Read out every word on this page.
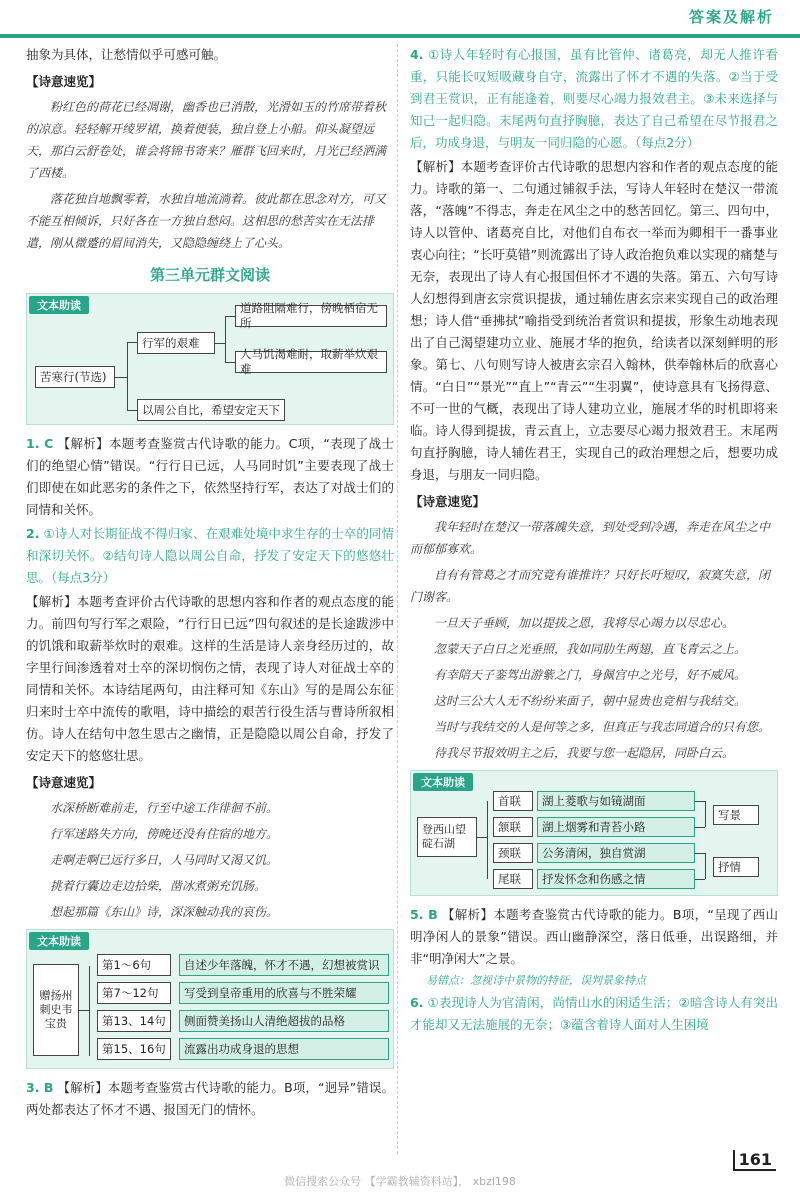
答案及解析

抽象为具体，让愁情似乎可感可触。

【诗意速览】

粉红色的荷花已经凋谢，幽香也已消散，光滑如玉的竹席带着秋的凉意。轻轻解开绫罗裙，换着便装，独自登上小船。仰头凝望远天，那白云舒卷处，谁会将锦书寄来？雁群飞回来时，月光已经洒满了西楼。

落花独自地飘零着，水独自地流淌着。彼此都在思念对方，可又不能互相倾诉，只好各在一方独自愁闷。这相思的愁苦实在无法排遣，刚从微蹙的眉间消失，又隐隐缠绕上了心头。

第三单元群文阅读
文本助读
苦寒行(节选)
行军的艰难
道路阻隔难行，傍晚栖宿无所
人马饥渴难耐，取薪举炊艰难
以周公自比，希望安定天下

1. C 【解析】本题考查鉴赏古代诗歌的能力。C项，“表现了战士们的绝望心情”错误。“行行日已远，人马同时饥”主要表现了战士们即使在如此恶劣的条件之下，依然坚持行军，表达了对战士们的同情和关怀。

2. ①诗人对长期征战不得归家、在艰难处境中求生存的士卒的同情和深切关怀。②结句诗人隐以周公自命，抒发了安定天下的悠悠壮思。（每点3分）

【解析】本题考查评价古代诗歌的思想内容和作者的观点态度的能力。前四句写行军之艰险，“行行日已远”四句叙述的是长途跋涉中的饥饿和取薪举炊时的艰难。这样的生活是诗人亲身经历过的，故字里行间渗透着对士卒的深切悯伤之情，表现了诗人对征战士卒的同情和关怀。本诗结尾两句，由注释可知《东山》写的是周公东征归来时士卒中流传的歌唱，诗中描绘的艰苦行役生活与曹诗所叙相仿。诗人在结句中忽生思古之幽情，正是隐隐以周公自命，抒发了安定天下的悠悠壮思。

【诗意速览】

水深桥断难前走，行至中途工作徘徊不前。

行军迷路失方向，傍晚还没有住宿的地方。

走啊走啊已远行多日，人马同时又渴又饥。

挑着行囊边走边拾柴，凿冰煮粥充饥肠。

想起那篇《东山》诗，深深触动我的哀伤。

文本助读
赠扬州刺史韦宝贵
第1～6句	自述少年落魄，怀才不遇，幻想被赏识
第7～12句	写受到皇帝重用的欣喜与不胜荣耀
第13、14句	侧面赞美扬山人清绝超拔的品格
第15、16句	流露出功成身退的思想

3. B 【解析】本题考查鉴赏古代诗歌的能力。B项，“迥异”错误。两处都表达了怀才不遇、报国无门的情怀。

4. ①诗人年轻时有心报国，虽有比管仲、诸葛亮，却无人推许看重，只能长叹短吸藏身自守，流露出了怀才不遇的失落。②当于受到君王赏识，正有能逢着，则要尽心竭力报效君主。③未来选择与知己一起归隐。末尾两句直抒胸臆，表达了自己希望在尽节报君之后，功成身退，与明友一同归隐的心愿。（每点2分）

【解析】本题考查评价古代诗歌的思想内容和作者的观点态度的能力。诗歌的第一、二句通过铺叙手法，写诗人年轻时在楚汉一带流落，“落魄”不得志，奔走在风尘之中的愁苦回忆。第三、四句中，诗人以管仲、诸葛亮自比，对他们自布衣一举而为卿相干一番事业衷心向往；“长吁莫错”则流露出了诗人政治抱负难以实现的痛楚与无奈，表现出了诗人有心报国但怀才不遇的失落。第五、六句写诗人幻想得到唐玄宗赏识提拔，通过辅佐唐玄宗来实现自己的政治理想；诗人借“垂拂拭”喻指受到统治者赏识和提拔，形象生动地表现出了自己渴望建功立业、施展才华的抱负，给读者以深刻鲜明的形象。第七、八句则写诗人被唐玄宗召入翰林，供奉翰林后的欣喜心情。“白日”“景光”“直上”“青云”“生羽翼”，使诗意具有飞扬得意、不可一世的气概，表现出了诗人建功立业，施展才华的时机即将来临。诗人得到提拔，青云直上，立志要尽心竭力报效君王。末尾两句直抒胸臆，诗人辅佐君王，实现自己的政治理想之后，想要功成身退，与朋友一同归隐。

【诗意速览】

我年轻时在楚汉一带落魄失意，到处受到冷遇，奔走在风尘之中而郁郁寡欢。

自有有管葛之才而究竟有谁推许？只好长吁短叹，寂寞失意，闭门谢客。

一旦天子垂顾，加以提拔之恩，我将尽心竭力以尽忠心。

忽蒙天子白日之光垂照，我如同肋生两翅，直飞青云之上。

有幸陪天子銮驾出游紫之门，身佩宫中之光号，好不威风。

这时三公大人无不纷纷来面子，朝中显贵也竞相与我结交。

当时与我结交的人是何等之多，但真正与我志同道合的只有您。

待我尽节报效明主之后，我要与您一起隐居，同卧白云。

文本助读
登西山望碇石湖
首联	湖上菱歌与如镜湖面
颔联	湖上烟雾和青苔小路
颈联	公务清闲，独自赏湖
尾联	抒发怀念和伤感之情
写景
抒情

5. B 【解析】本题考查鉴赏古代诗歌的能力。B项，“呈现了西山明净闲人的景象”错误。西山幽静深空，落日低垂，出误路细，并非“明净闲大”之景。

易错点：忽视诗中景物的特征，误判景象特点

6. ①表现诗人为官清闲，尚情山水的闲适生活；②暗含诗人有突出才能却又无法施展的无奈；③蕴含着诗人面对人生困境

161
微信搜索公众号 【学霸教辅资料站】， xbzl198
